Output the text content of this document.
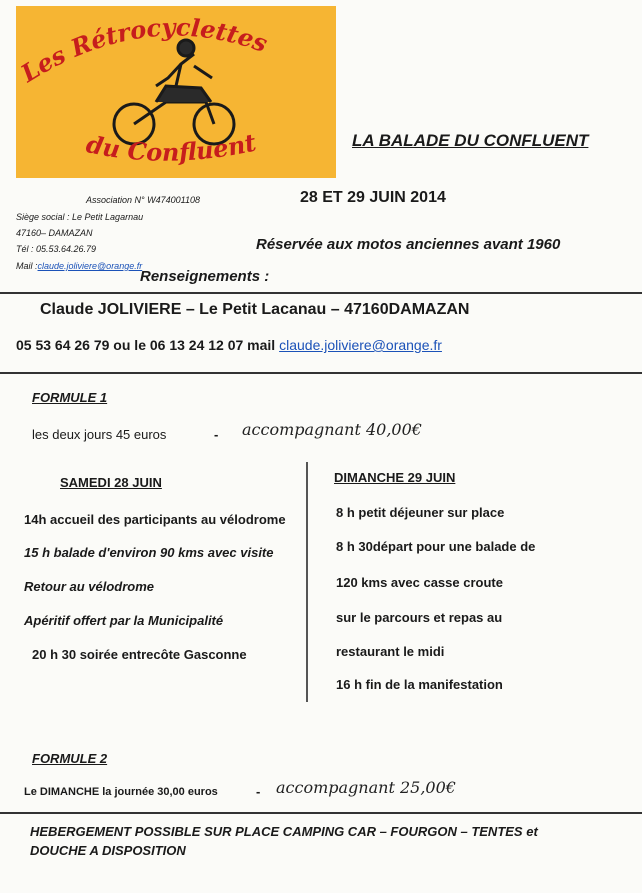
Les Rétrocyclettes
du Confluent	LA BALADE DU CONFLUENT
Association N° W474001108
Siège social : Le Petit Lagarnau
47160– DAMAZAN
Tél : 05.53.64.26.79
Mail :claude.joliviere@orange.fr
28 ET 29 JUIN 2014
Réservée aux motos anciennes avant 1960
Renseignements :
Claude JOLIVIERE – Le Petit Lacanau – 47160DAMAZAN
05 53 64 26 79 ou le 06 13 24 12 07 mail claude.joliviere@orange.fr
FORMULE 1
les deux jours 45 euros	- accompagnant 40,00€
SAMEDI 28 JUIN	DIMANCHE 29 JUIN
14h accueil des participants au vélodrome
15 h balade d'environ 90 kms avec visite
Retour au vélodrome
Apéritif offert par la Municipalité
20 h 30 soirée entrecôte Gasconne
8 h petit déjeuner sur place
8 h 30départ pour une balade de
120 kms avec casse croute
sur le parcours et repas au
restaurant le midi
16 h fin de la manifestation
FORMULE 2
Le DIMANCHE la journée 30,00 euros	- accompagnant 25,00€
HEBERGEMENT POSSIBLE SUR PLACE CAMPING CAR – FOURGON – TENTES et DOUCHE A DISPOSITION
